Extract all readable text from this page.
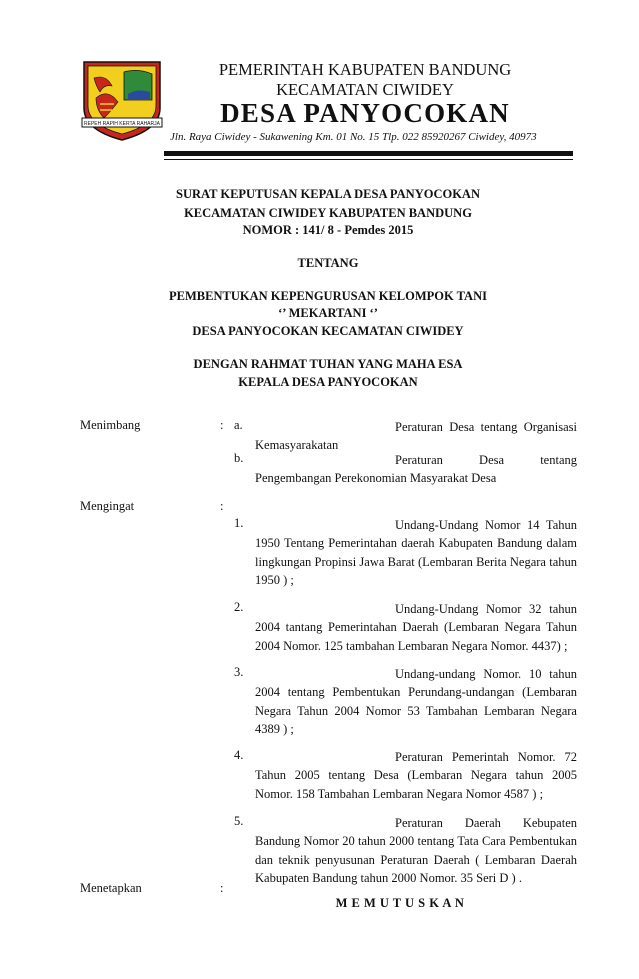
REPEH RAPIH KERTA RAHARJA
PEMERINTAH KABUPATEN BANDUNG
KECAMATAN CIWIDEY
DESA PANYOCOKAN
Jln. Raya Ciwidey - Sukawening Km. 01 No. 15 Tlp. 022 85920267 Ciwidey, 40973
SURAT KEPUTUSAN KEPALA DESA PANYOCOKAN
KECAMATAN CIWIDEY KABUPATEN BANDUNG
NOMOR : 141/ 8 - Pemdes 2015
TENTANG
PEMBENTUKAN KEPENGURUSAN KELOMPOK TANI
‘’ MEKARTANI ‘’
DESA PANYOCOKAN KECAMATAN CIWIDEY
DENGAN RAHMAT TUHAN YANG MAHA ESA
KEPALA DESA PANYOCOKAN
Menimbang	: a.	Peraturan Desa tentang Organisasi Kemasyarakatan
b.	Peraturan Desa tentang Pengembangan Perekonomian Masyarakat Desa
Mengingat	:
1.	Undang-Undang Nomor 14 Tahun 1950 Tentang Pemerintahan daerah Kabupaten Bandung dalam lingkungan Propinsi Jawa Barat (Lembaran Berita Negara tahun 1950 ) ;
2.	Undang-Undang Nomor 32 tahun 2004 tantang Pemerintahan Daerah (Lembaran Negara Tahun 2004 Nomor. 125 tambahan Lembaran Negara Nomor. 4437) ;
3.	Undang-undang Nomor. 10 tahun 2004 tentang Pembentukan Perundang-undangan (Lembaran Negara Tahun 2004 Nomor 53 Tambahan Lembaran Negara 4389 ) ;
4.	Peraturan Pemerintah Nomor. 72 Tahun 2005 tentang Desa (Lembaran Negara tahun 2005 Nomor. 158 Tambahan Lembaran Negara Nomor 4587 ) ;
5.	Peraturan Daerah Kebupaten Bandung Nomor 20 tahun 2000 tentang Tata Cara Pembentukan dan teknik penyusunan Peraturan Daerah ( Lembaran Daerah Kabupaten Bandung tahun 2000 Nomor. 35 Seri D ) .
Menetapkan	:
M E M U T U S K A N
